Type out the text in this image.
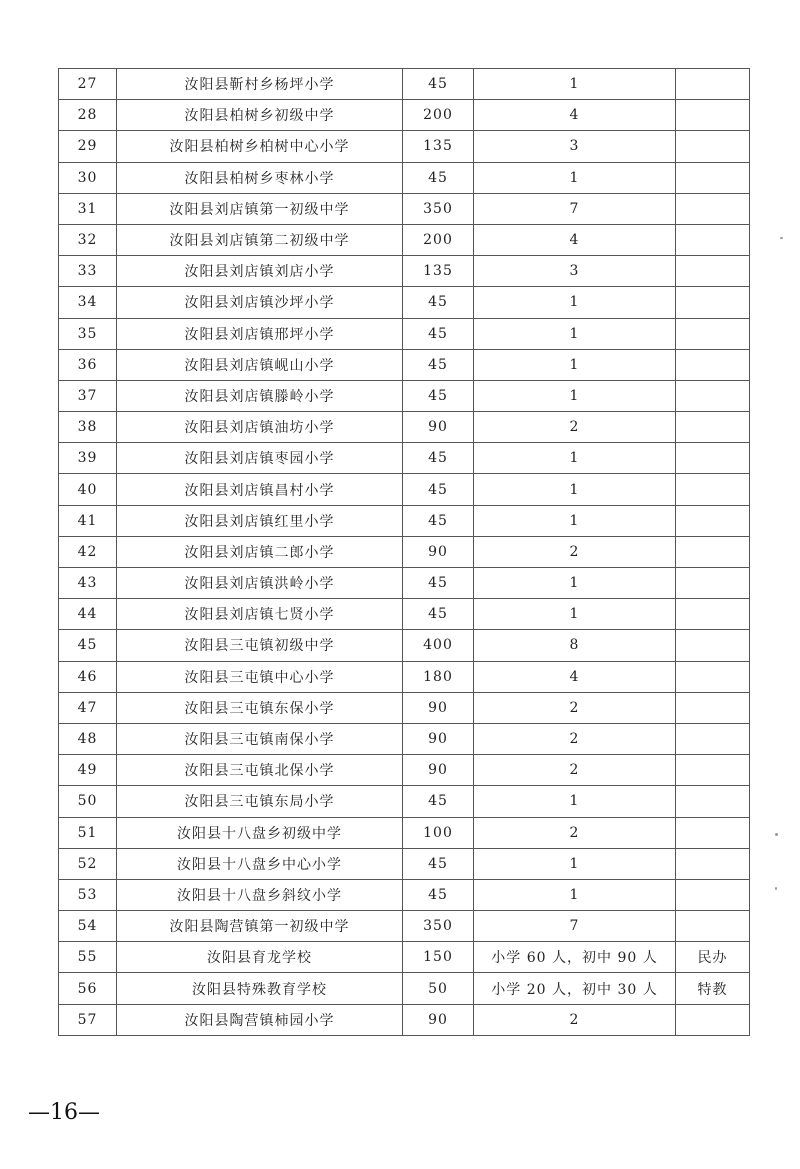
27	汝阳县靳村乡杨坪小学	45	1	
28	汝阳县柏树乡初级中学	200	4	
29	汝阳县柏树乡柏树中心小学	135	3	
30	汝阳县柏树乡枣林小学	45	1	
31	汝阳县刘店镇第一初级中学	350	7	
32	汝阳县刘店镇第二初级中学	200	4	
33	汝阳县刘店镇刘店小学	135	3	
34	汝阳县刘店镇沙坪小学	45	1	
35	汝阳县刘店镇邢坪小学	45	1	
36	汝阳县刘店镇岘山小学	45	1	
37	汝阳县刘店镇滕岭小学	45	1	
38	汝阳县刘店镇油坊小学	90	2	
39	汝阳县刘店镇枣园小学	45	1	
40	汝阳县刘店镇昌村小学	45	1	
41	汝阳县刘店镇红里小学	45	1	
42	汝阳县刘店镇二郎小学	90	2	
43	汝阳县刘店镇洪岭小学	45	1	
44	汝阳县刘店镇七贤小学	45	1	
45	汝阳县三屯镇初级中学	400	8	
46	汝阳县三屯镇中心小学	180	4	
47	汝阳县三屯镇东保小学	90	2	
48	汝阳县三屯镇南保小学	90	2	
49	汝阳县三屯镇北保小学	90	2	
50	汝阳县三屯镇东局小学	45	1	
51	汝阳县十八盘乡初级中学	100	2	
52	汝阳县十八盘乡中心小学	45	1	
53	汝阳县十八盘乡斜纹小学	45	1	
54	汝阳县陶营镇第一初级中学	350	7	
55	汝阳县育龙学校	150	小学 60 人，初中 90 人	民办
56	汝阳县特殊教育学校	50	小学 20 人，初中 30 人	特教
57	汝阳县陶营镇柿园小学	90	2	
—16—
